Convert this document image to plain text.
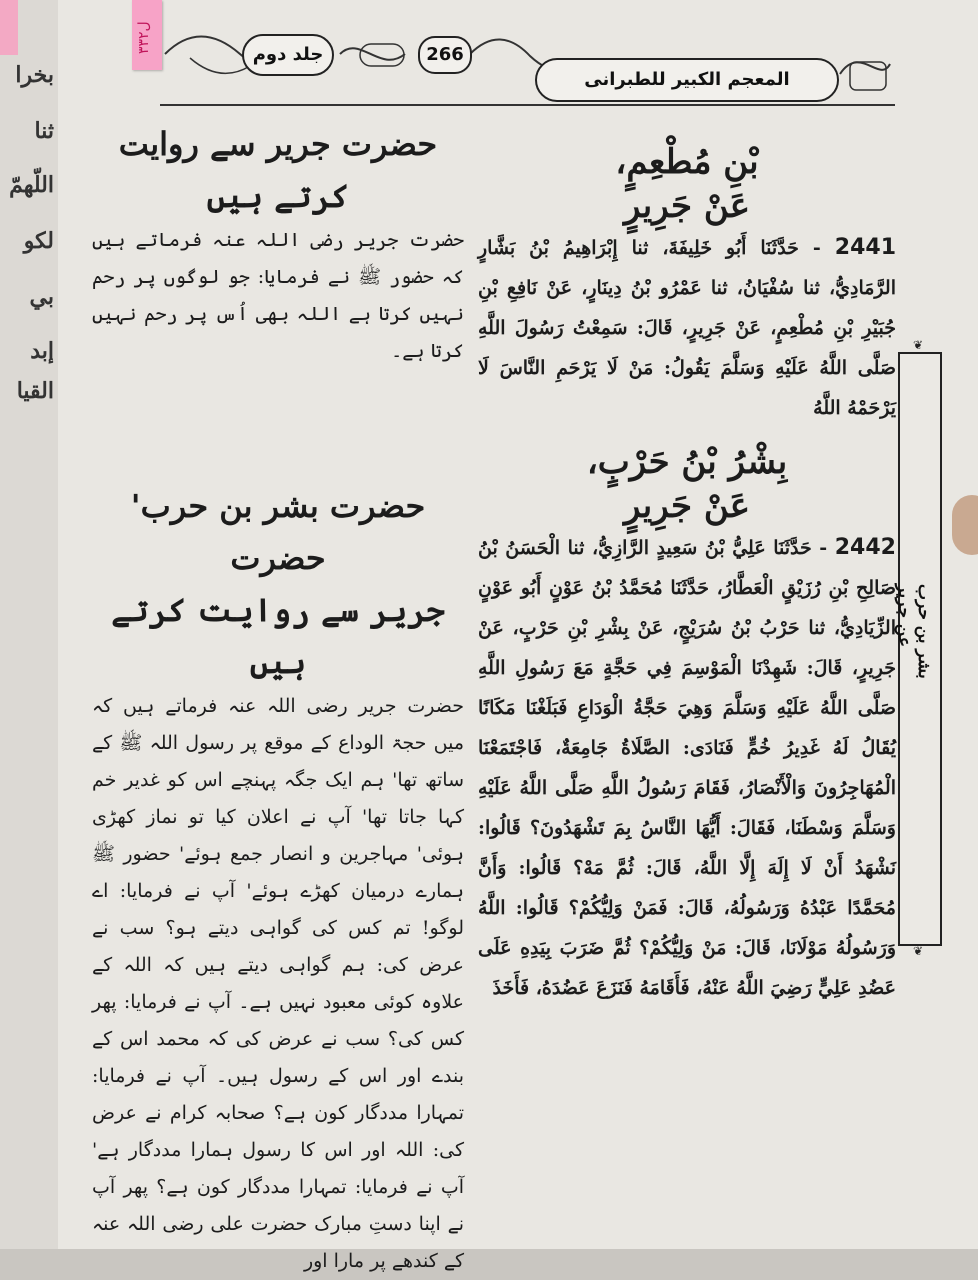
بخرا
ثنا
اللّهمّ
لكو
بي
إبد
القيا
ل٣٣٢
جلد دوم	266
المعجم الکبیر للطبرانی

بْنِ مُطْعِمٍ،

عَنْ جَرِيرٍ

2441 - حَدَّثَنَا أَبُو خَلِيفَةَ، ثنا إِبْرَاهِيمُ بْنُ بَشَّارٍ الرَّمَادِيُّ، ثنا سُفْيَانُ، ثنا عَمْرُو بْنُ دِينَارٍ، عَنْ نَافِعِ بْنِ جُبَيْرِ بْنِ مُطْعِمٍ، عَنْ جَرِيرٍ، قَالَ: سَمِعْتُ رَسُولَ اللَّهِ صَلَّى اللَّهُ عَلَيْهِ وَسَلَّمَ يَقُولُ: مَنْ لَا يَرْحَمِ النَّاسَ لَا يَرْحَمْهُ اللَّهُ

بِشْرُ بْنُ حَرْبٍ،

عَنْ جَرِيرٍ

2442 - حَدَّثَنَا عَلِيُّ بْنُ سَعِيدٍ الرَّازِيُّ، ثنا الْحَسَنُ بْنُ صَالِحِ بْنِ رُزَيْقٍ الْعَطَّارُ، حَدَّثَنَا مُحَمَّدُ بْنُ عَوْنٍ أَبُو عَوْنٍ الزِّيَادِيُّ، ثنا حَرْبُ بْنُ سُرَيْجٍ، عَنْ بِشْرِ بْنِ حَرْبٍ، عَنْ جَرِيرٍ، قَالَ: شَهِدْنَا الْمَوْسِمَ فِي حَجَّةٍ مَعَ رَسُولِ اللَّهِ صَلَّى اللَّهُ عَلَيْهِ وَسَلَّمَ وَهِيَ حَجَّةُ الْوَدَاعِ فَبَلَغْنَا مَكَانًا يُقَالُ لَهُ غَدِيرُ خُمٍّ فَنَادَى: الصَّلَاةُ جَامِعَةٌ، فَاجْتَمَعْنَا الْمُهَاجِرُونَ وَالْأَنْصَارُ، فَقَامَ رَسُولُ اللَّهِ صَلَّى اللَّهُ عَلَيْهِ وَسَلَّمَ وَسْطَنَا، فَقَالَ: أَيُّهَا النَّاسُ بِمَ تَشْهَدُونَ؟ قَالُوا: نَشْهَدُ أَنْ لَا إِلَهَ إِلَّا اللَّهُ، قَالَ: ثُمَّ مَهْ؟ قَالُوا: وَأَنَّ مُحَمَّدًا عَبْدُهُ وَرَسُولُهُ، قَالَ: فَمَنْ وَلِيُّكُمْ؟ قَالُوا: اللَّهُ وَرَسُولُهُ مَوْلَانَا، قَالَ: مَنْ وَلِيُّكُمْ؟ ثُمَّ ضَرَبَ بِيَدِهِ عَلَى عَضُدِ عَلِيٍّ رَضِيَ اللَّهُ عَنْهُ، فَأَقَامَهُ فَنَزَعَ عَضُدَهُ، فَأَخَذَ

حضرت جریر سے روایت

کرتے ہیں

حضرت جریر رضی اللہ عنہ فرماتے ہیں کہ حضور ﷺ نے فرمایا: جو لوگوں پر رحم نہیں کرتا ہے اللہ بھی اُس پر رحم نہیں کرتا ہے۔

حضرت بشر بن حرب' حضرت

جریر سے روایت کرتے ہیں

حضرت جریر رضی اللہ عنہ فرماتے ہیں کہ میں حجۃ الوداع کے موقع پر رسول اللہ ﷺ کے ساتھ تھا' ہم ایک جگہ پہنچے اس کو غدیر خم کہا جاتا تھا' آپ نے اعلان کیا تو نماز کھڑی ہوئی' مہاجرین و انصار جمع ہوئے' حضور ﷺ ہمارے درمیان کھڑے ہوئے' آپ نے فرمایا: اے لوگو! تم کس کی گواہی دیتے ہو؟ سب نے عرض کی: ہم گواہی دیتے ہیں کہ اللہ کے علاوہ کوئی معبود نہیں ہے۔ آپ نے فرمایا: پھر کس کی؟ سب نے عرض کی کہ محمد اس کے بندے اور اس کے رسول ہیں۔ آپ نے فرمایا: تمہارا مددگار کون ہے؟ صحابہ کرام نے عرض کی: اللہ اور اس کا رسول ہمارا مددگار ہے' آپ نے فرمایا: تمہارا مددگار کون ہے؟ پھر آپ نے اپنا دستِ مبارک حضرت علی رضی اللہ عنہ کے کندھے پر مارا اور

❦
بشر بن حرب عن جریر
❦
